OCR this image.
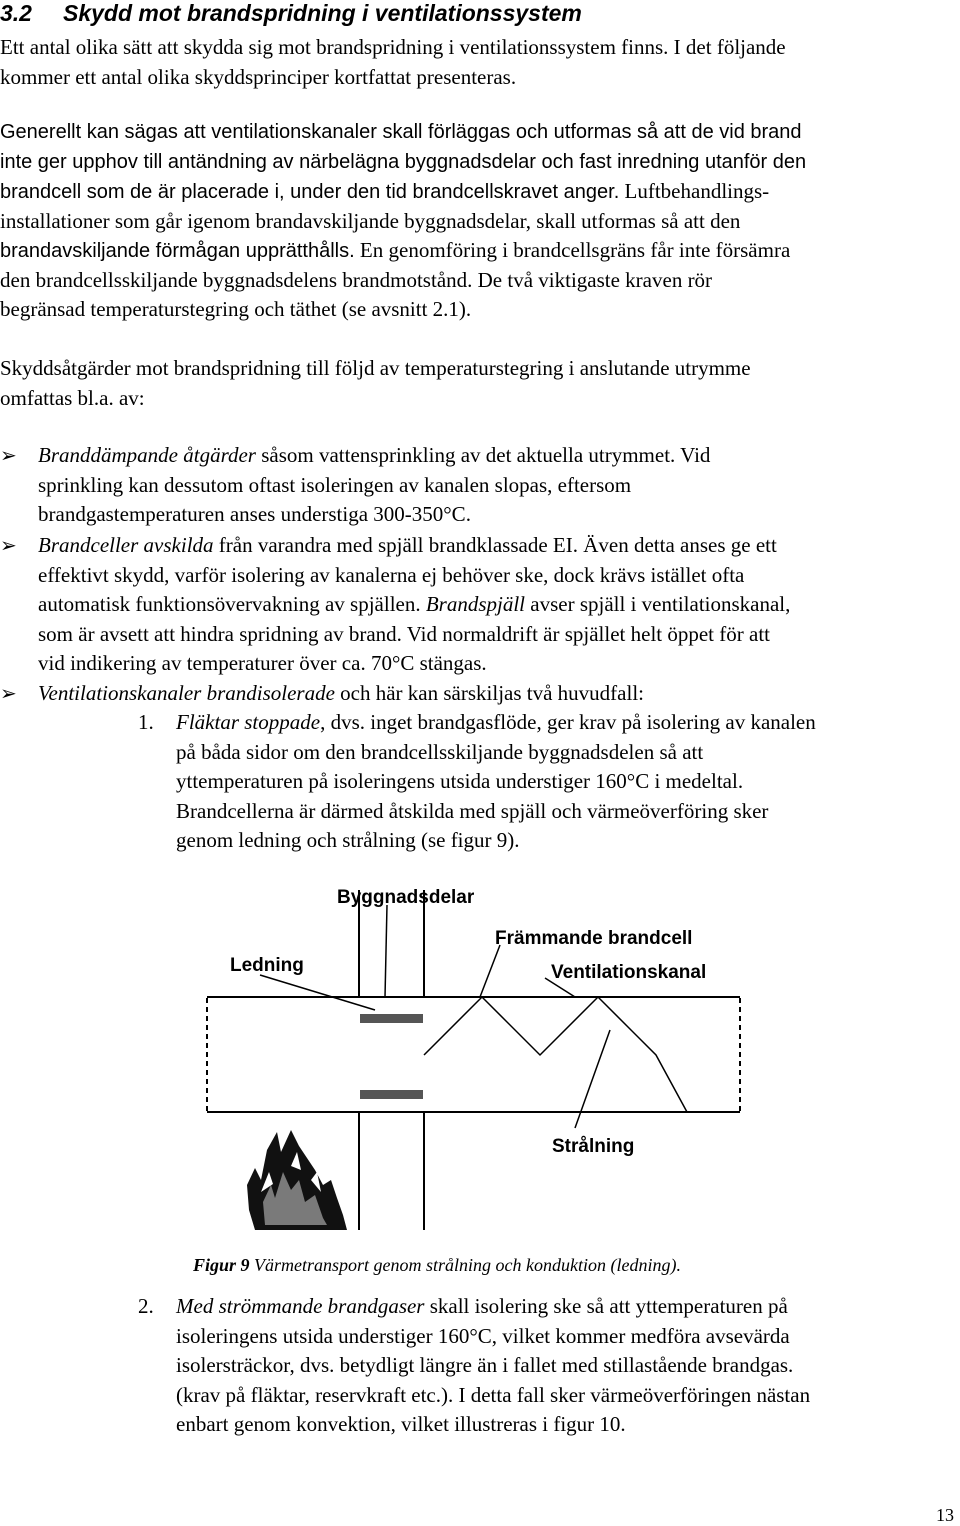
3.2 Skydd mot brandspridning i ventilationssystem
Ett antal olika sätt att skydda sig mot brandspridning i ventilationssystem finns. I det följande
kommer ett antal olika skyddsprinciper kortfattat presenteras.
Generellt kan sägas att ventilationskanaler skall förläggas och utformas så att de vid brand
inte ger upphov till antändning av närbelägna byggnadsdelar och fast inredning utanför den
brandcell som de är placerade i, under den tid brandcellskravet anger. Luftbehandlings-
installationer som går igenom brandavskiljande byggnadsdelar, skall utformas så att den
brandavskiljande förmågan upprätthålls. En genomföring i brandcellsgräns får inte försämra
den brandcellsskiljande byggnadsdelens brandmotstånd. De två viktigaste kraven rör
begränsad temperaturstegring och täthet (se avsnitt 2.1).
Skyddsåtgärder mot brandspridning till följd av temperaturstegring i anslutande utrymme
omfattas bl.a. av:
➢ Branddämpande åtgärder såsom vattensprinkling av det aktuella utrymmet. Vid
sprinkling kan dessutom oftast isoleringen av kanalen slopas, eftersom
brandgastemperaturen anses understiga 300-350°C.
➢ Brandceller avskilda från varandra med spjäll brandklassade EI. Även detta anses ge ett
effektivt skydd, varför isolering av kanalerna ej behöver ske, dock krävs istället ofta
automatisk funktionsövervakning av spjällen. Brandspjäll avser spjäll i ventilationskanal,
som är avsett att hindra spridning av brand. Vid normaldrift är spjället helt öppet för att
vid indikering av temperaturer över ca. 70°C stängas.
➢ Ventilationskanaler brandisolerade och här kan särskiljas två huvudfall:
1. Fläktar stoppade, dvs. inget brandgasflöde, ger krav på isolering av kanalen
på båda sidor om den brandcellsskiljande byggnadsdelen så att
yttemperaturen på isoleringens utsida understiger 160°C i medeltal.
Brandcellerna är därmed åtskilda med spjäll och värmeöverföring sker
genom ledning och strålning (se figur 9).
Byggnadsdelar
Främmande brandcell
Ledning	Ventilationskanal
Strålning
Figur 9 Värmetransport genom strålning och konduktion (ledning).
2. Med strömmande brandgaser skall isolering ske så att yttemperaturen på
isoleringens utsida understiger 160°C, vilket kommer medföra avsevärda
isolersträckor, dvs. betydligt längre än i fallet med stillastående brandgas.
(krav på fläktar, reservkraft etc.). I detta fall sker värmeöverföringen nästan
enbart genom konvektion, vilket illustreras i figur 10.
13
